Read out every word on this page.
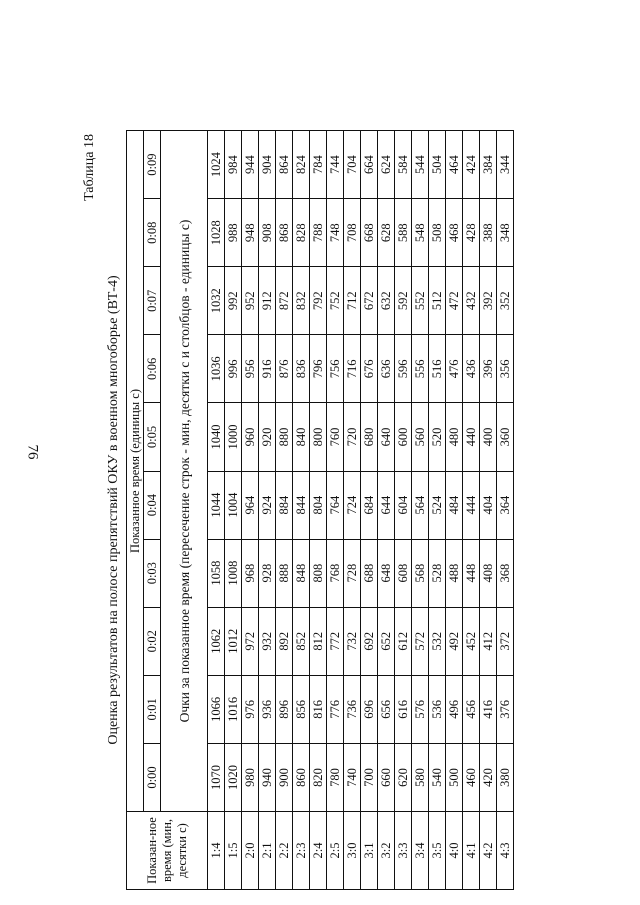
76
Таблица 18
Оценка результатов на полосе препятствий ОКУ в военном многоборье (ВТ-4)
Показан-ное время (мин, десятки с)	Показанное время (единицы с)									
	0:00	0:01	0:02	0:03	0:04	0:05	0:06	0:07	0:08	0:09
	Очки за показанное время (пересечение строк - мин, десятки с и столбцов - единицы с)									
1:4	1070	1066	1062	1058	1044	1040	1036	1032	1028	1024
1:5	1020	1016	1012	1008	1004	1000	996	992	988	984
2:0	980	976	972	968	964	960	956	952	948	944
2:1	940	936	932	928	924	920	916	912	908	904
2:2	900	896	892	888	884	880	876	872	868	864
2:3	860	856	852	848	844	840	836	832	828	824
2:4	820	816	812	808	804	800	796	792	788	784
2:5	780	776	772	768	764	760	756	752	748	744
3:0	740	736	732	728	724	720	716	712	708	704
3:1	700	696	692	688	684	680	676	672	668	664
3:2	660	656	652	648	644	640	636	632	628	624
3:3	620	616	612	608	604	600	596	592	588	584
3:4	580	576	572	568	564	560	556	552	548	544
3:5	540	536	532	528	524	520	516	512	508	504
4:0	500	496	492	488	484	480	476	472	468	464
4:1	460	456	452	448	444	440	436	432	428	424
4:2	420	416	412	408	404	400	396	392	388	384
4:3	380	376	372	368	364	360	356	352	348	344
